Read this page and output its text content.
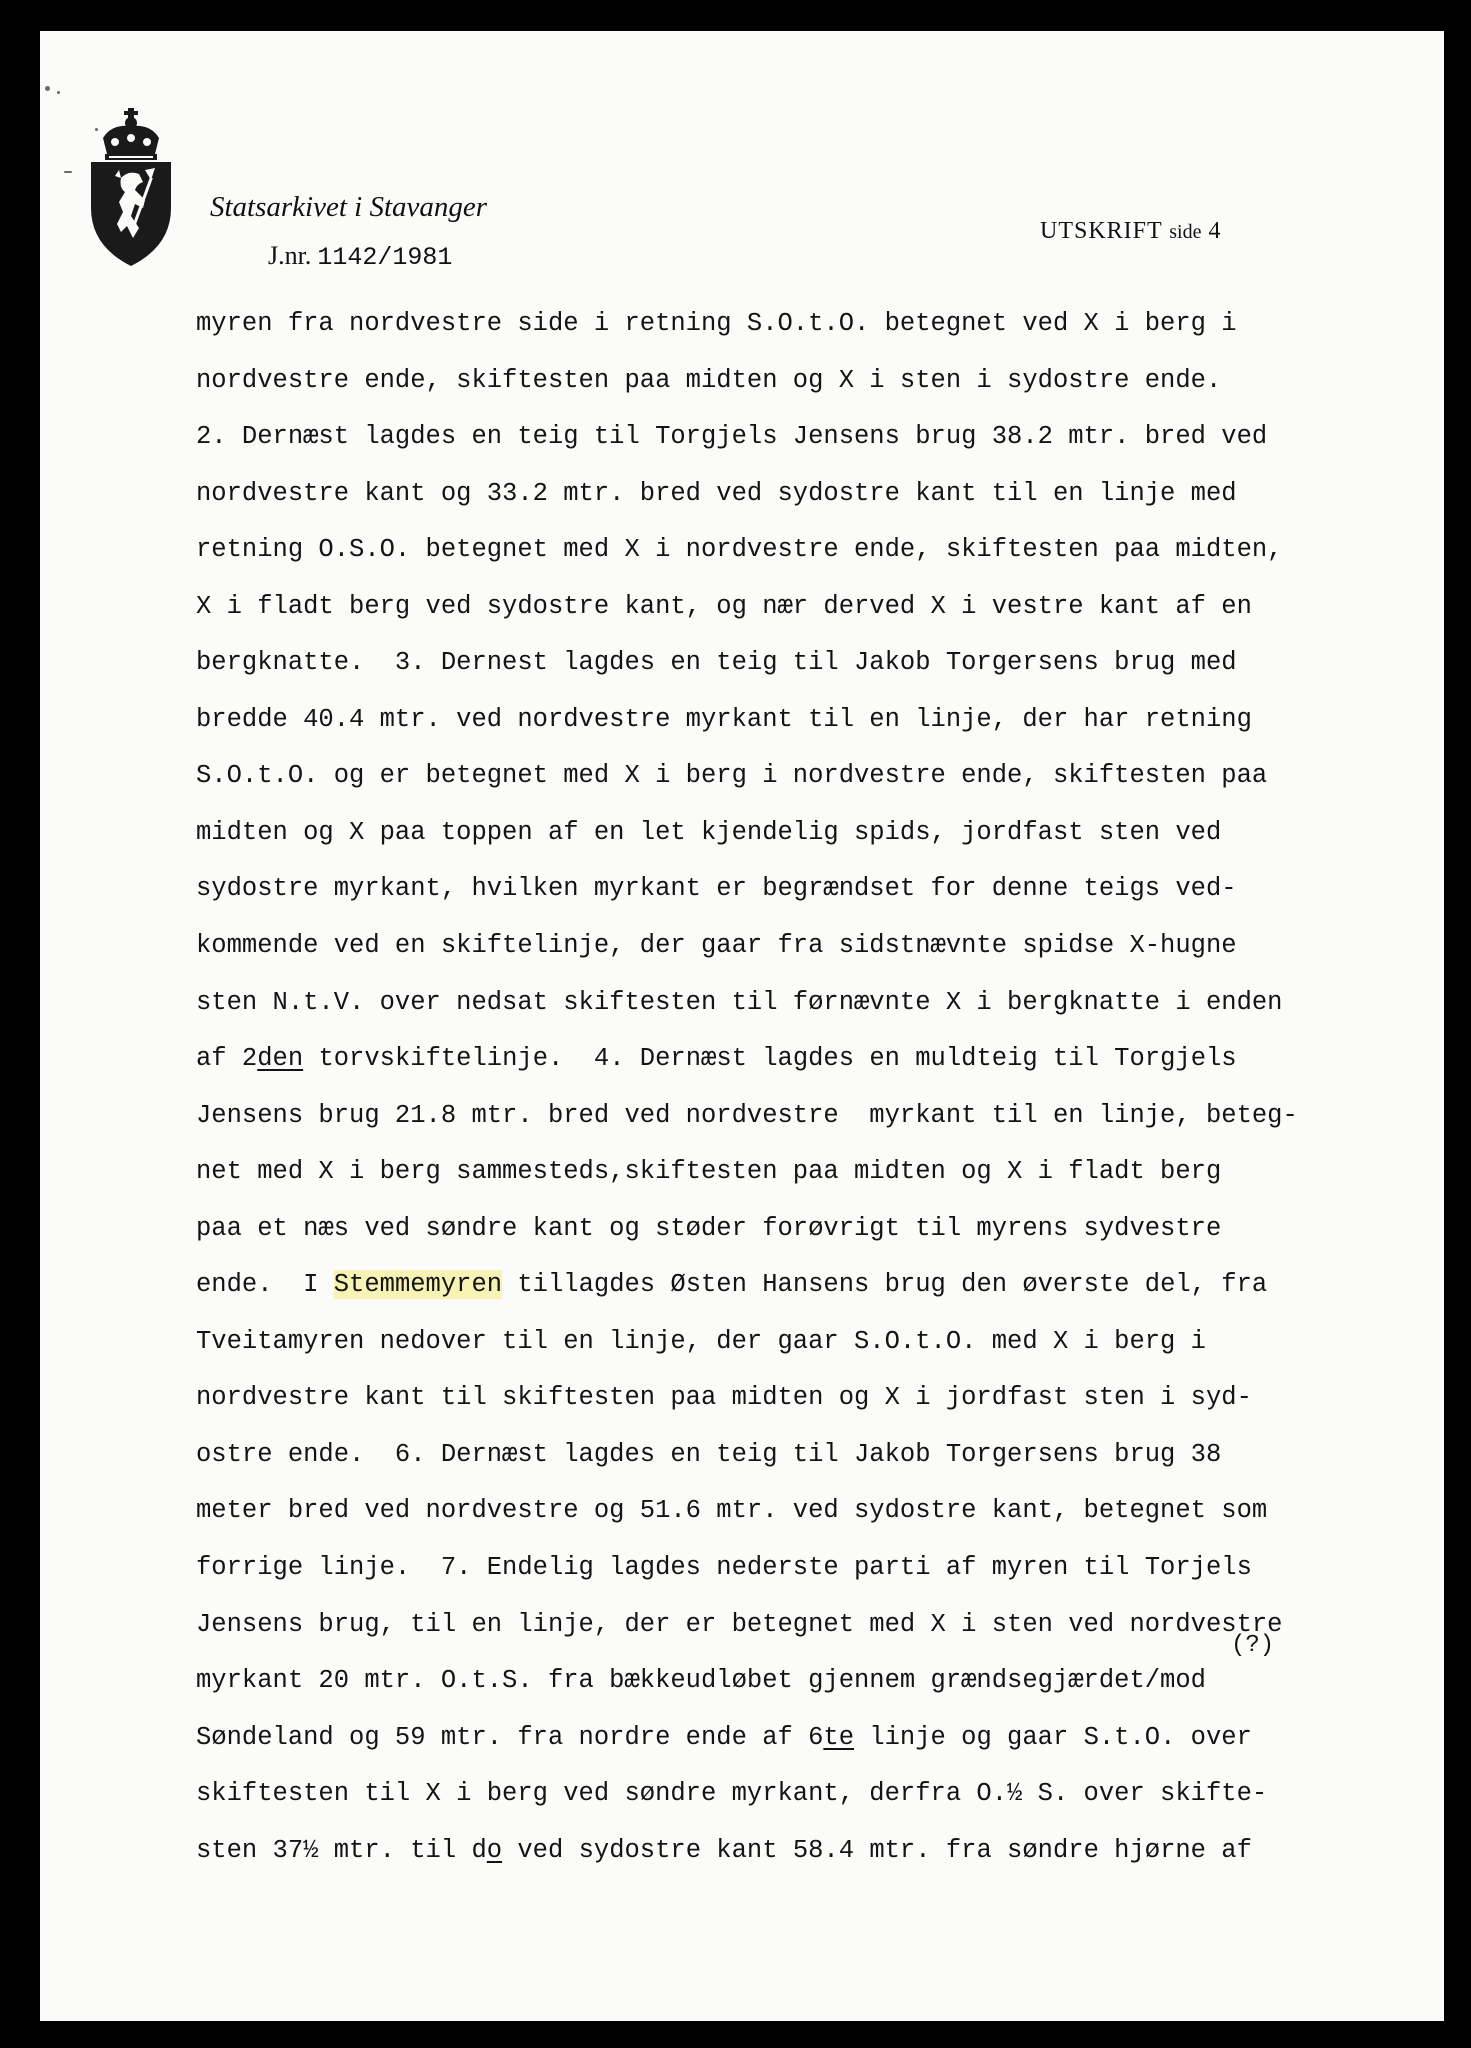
Statsarkivet i Stavanger
J.nr. 1142/1981
UTSKRIFT side 4
myren fra nordvestre side i retning S.O.t.O. betegnet ved X i berg i
nordvestre ende, skiftesten paa midten og X i sten i sydostre ende.
2. Dernæst lagdes en teig til Torgjels Jensens brug 38.2 mtr. bred ved
nordvestre kant og 33.2 mtr. bred ved sydostre kant til en linje med
retning O.S.O. betegnet med X i nordvestre ende, skiftesten paa midten,
X i fladt berg ved sydostre kant, og nær derved X i vestre kant af en
bergknatte.  3. Dernest lagdes en teig til Jakob Torgersens brug med
bredde 40.4 mtr. ved nordvestre myrkant til en linje, der har retning
S.O.t.O. og er betegnet med X i berg i nordvestre ende, skiftesten paa
midten og X paa toppen af en let kjendelig spids, jordfast sten ved
sydostre myrkant, hvilken myrkant er begrændset for denne teigs ved-
kommende ved en skiftelinje, der gaar fra sidstnævnte spidse X-hugne
sten N.t.V. over nedsat skiftesten til førnævnte X i bergknatte i enden
af 2den torvskiftelinje.  4. Dernæst lagdes en muldteig til Torgjels
Jensens brug 21.8 mtr. bred ved nordvestre  myrkant til en linje, beteg-
net med X i berg sammesteds,skiftesten paa midten og X i fladt berg
paa et næs ved søndre kant og støder forøvrigt til myrens sydvestre
ende.  I Stemmemyren tillagdes Østen Hansens brug den øverste del, fra
Tveitamyren nedover til en linje, der gaar S.O.t.O. med X i berg i
nordvestre kant til skiftesten paa midten og X i jordfast sten i syd-
ostre ende.  6. Dernæst lagdes en teig til Jakob Torgersens brug 38
meter bred ved nordvestre og 51.6 mtr. ved sydostre kant, betegnet som
forrige linje.  7. Endelig lagdes nederste parti af myren til Torjels
Jensens brug, til en linje, der er betegnet med X i sten ved nordvestre
myrkant 20 mtr. O.t.S. fra bækkeudløbet gjennem grændsegjærdet/mod
Søndeland og 59 mtr. fra nordre ende af 6te linje og gaar S.t.O. over
skiftesten til X i berg ved søndre myrkant, derfra O.½ S. over skifte-
sten 37½ mtr. til do ved sydostre kant 58.4 mtr. fra søndre hjørne af
(?)
